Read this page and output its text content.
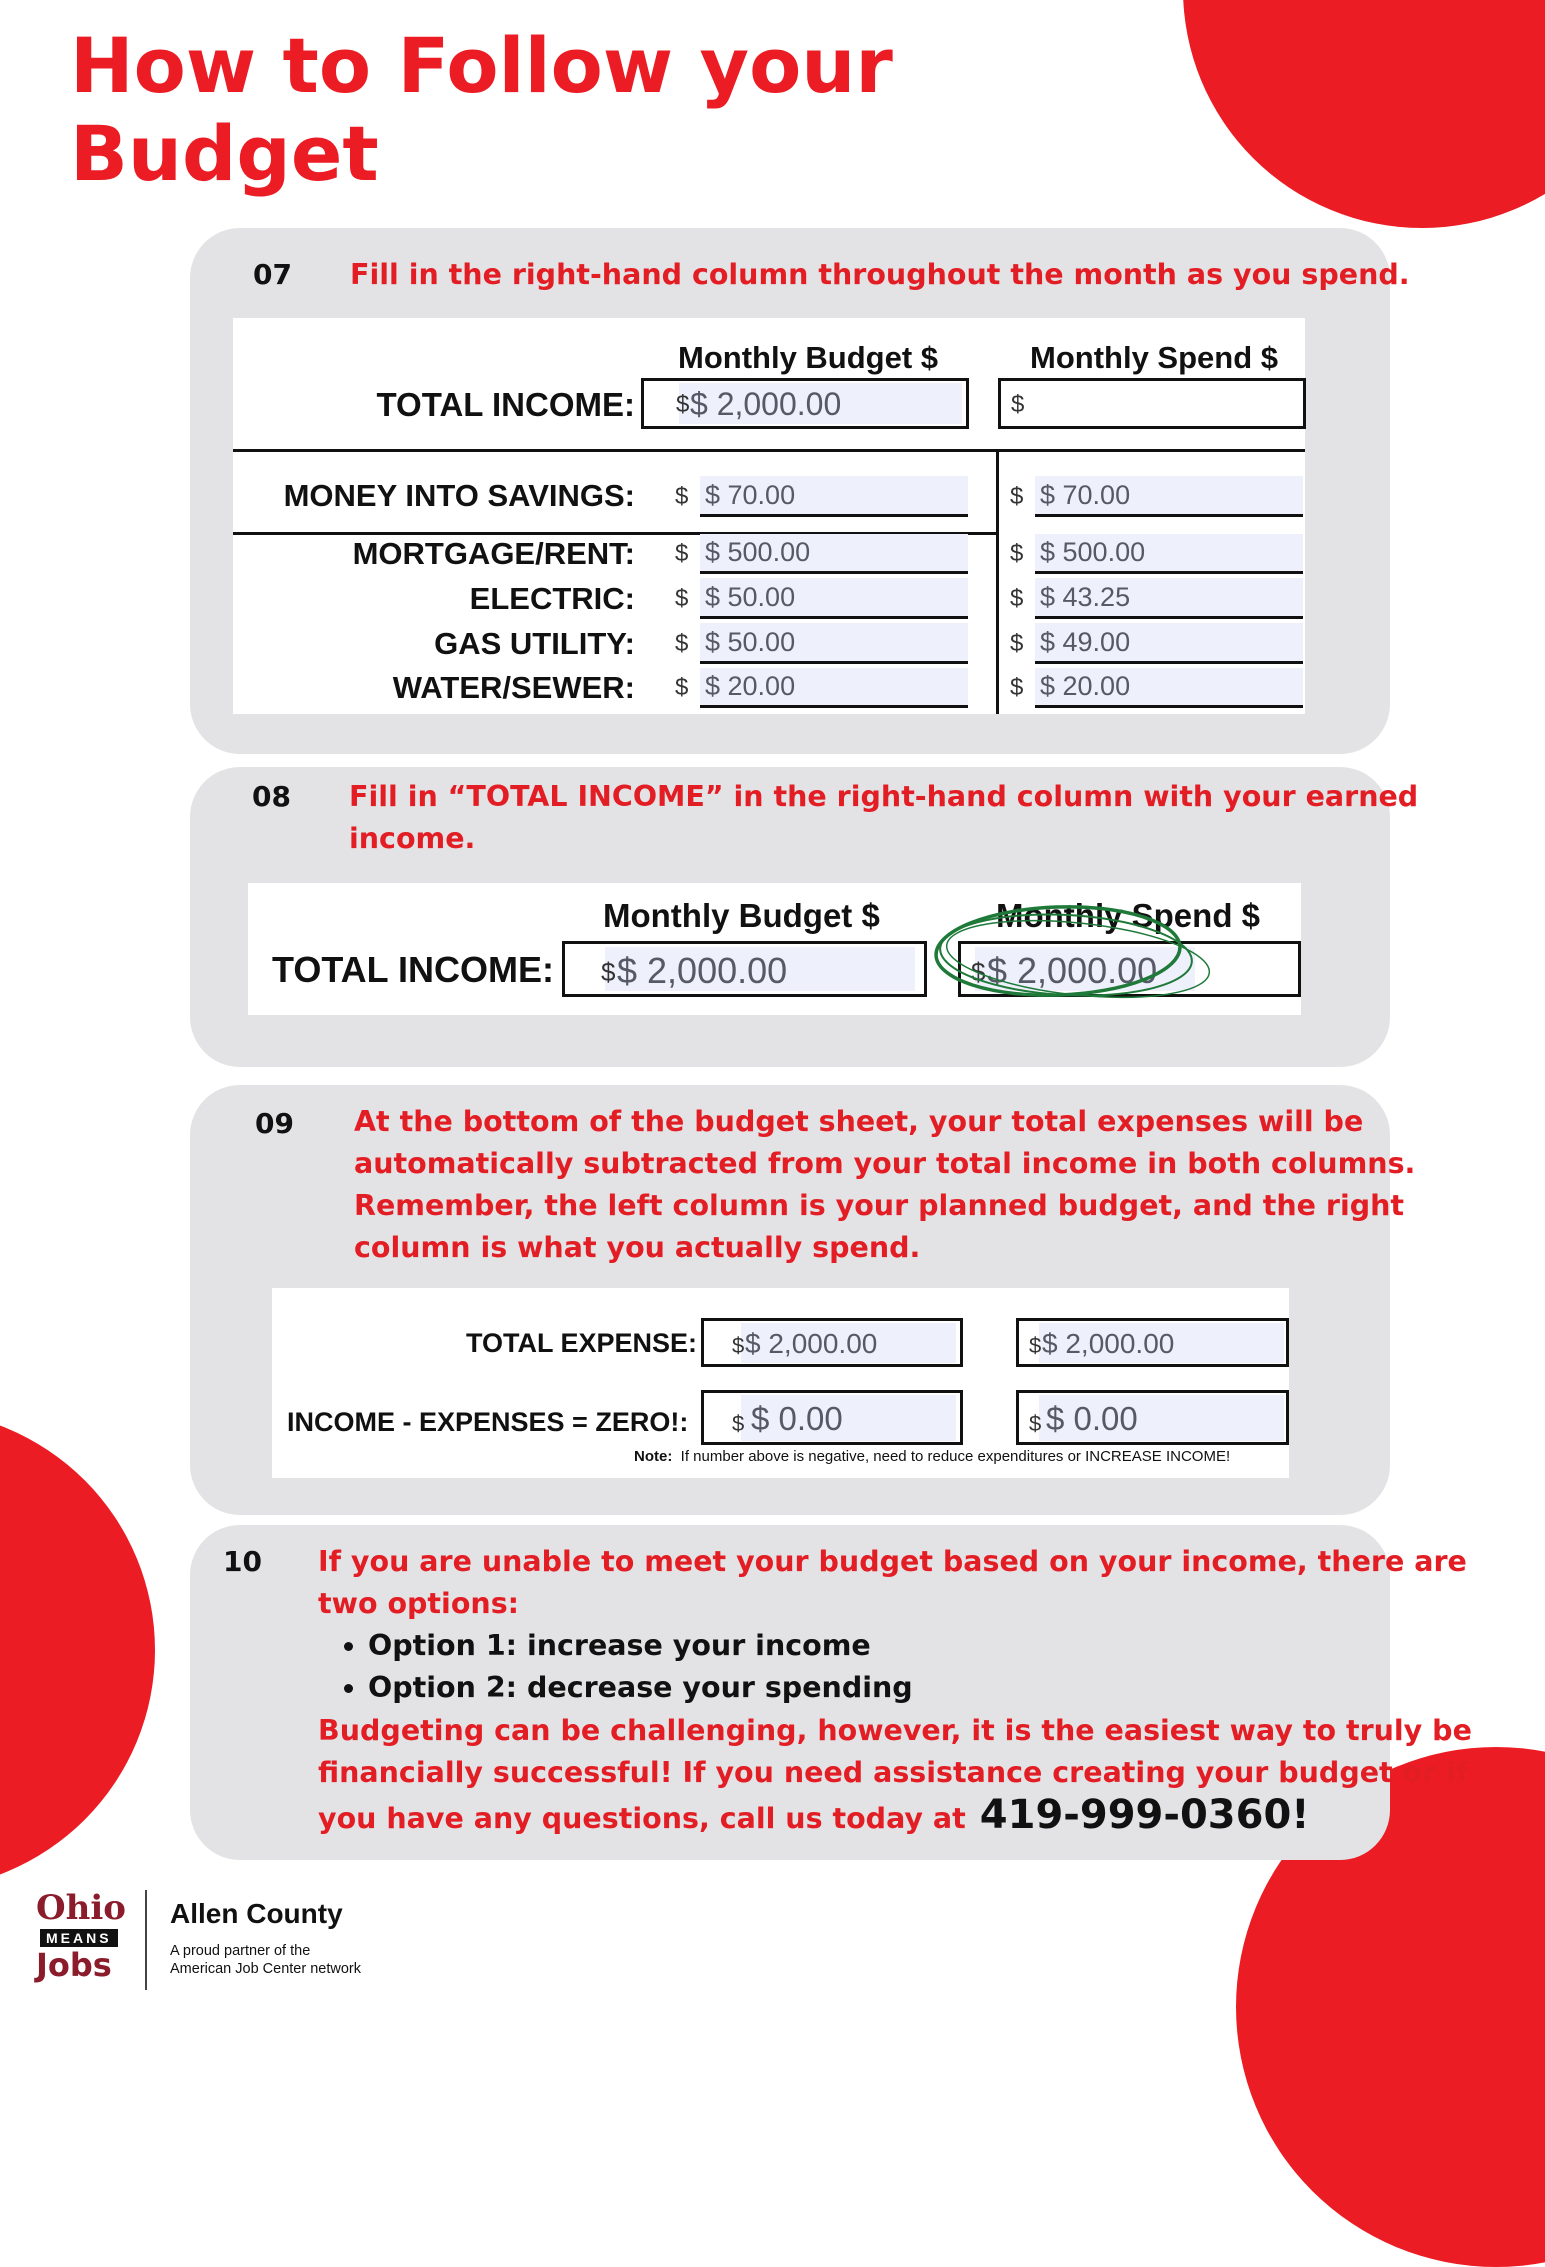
How to Follow your
Budget
07 Fill in the right-hand column throughout the month as you spend.

Monthly Budget $	Monthly Spend $
TOTAL INCOME: $ $ 2,000.00	$
MONEY INTO SAVINGS: $ $ 70.00	$ $ 70.00
MORTGAGE/RENT: $ $ 500.00	$ $ 500.00
ELECTRIC: $ $ 50.00	$ $ 43.25
GAS UTILITY: $ $ 50.00	$ $ 49.00
WATER/SEWER: $ $ 20.00	$ $ 20.00
08 Fill in “TOTAL INCOME” in the right-hand column with your earned
income.

Monthly Budget $	Monthly Spend $
TOTAL INCOME: $ $ 2,000.00	$ $ 2,000.00
09 At the bottom of the budget sheet, your total expenses will be
automatically subtracted from your total income in both columns.
Remember, the left column is your planned budget, and the right
column is what you actually spend.

TOTAL EXPENSE: $ $ 2,000.00	$ $ 2,000.00
INCOME - EXPENSES = ZERO!: $ $ 0.00	$ $ 0.00
Note: If number above is negative, need to reduce expenditures or INCREASE INCOME!
10 If you are unable to meet your budget based on your income, there are
two options:

• Option 1: increase your income
• Option 2: decrease your spending

Budgeting can be challenging, however, it is the easiest way to truly be
financially successful! If you need assistance creating your budget or if
you have any questions, call us today at 419-999-0360!

Ohio
MEANS
Jobs
Allen County
A proud partner of the
American Job Center network
